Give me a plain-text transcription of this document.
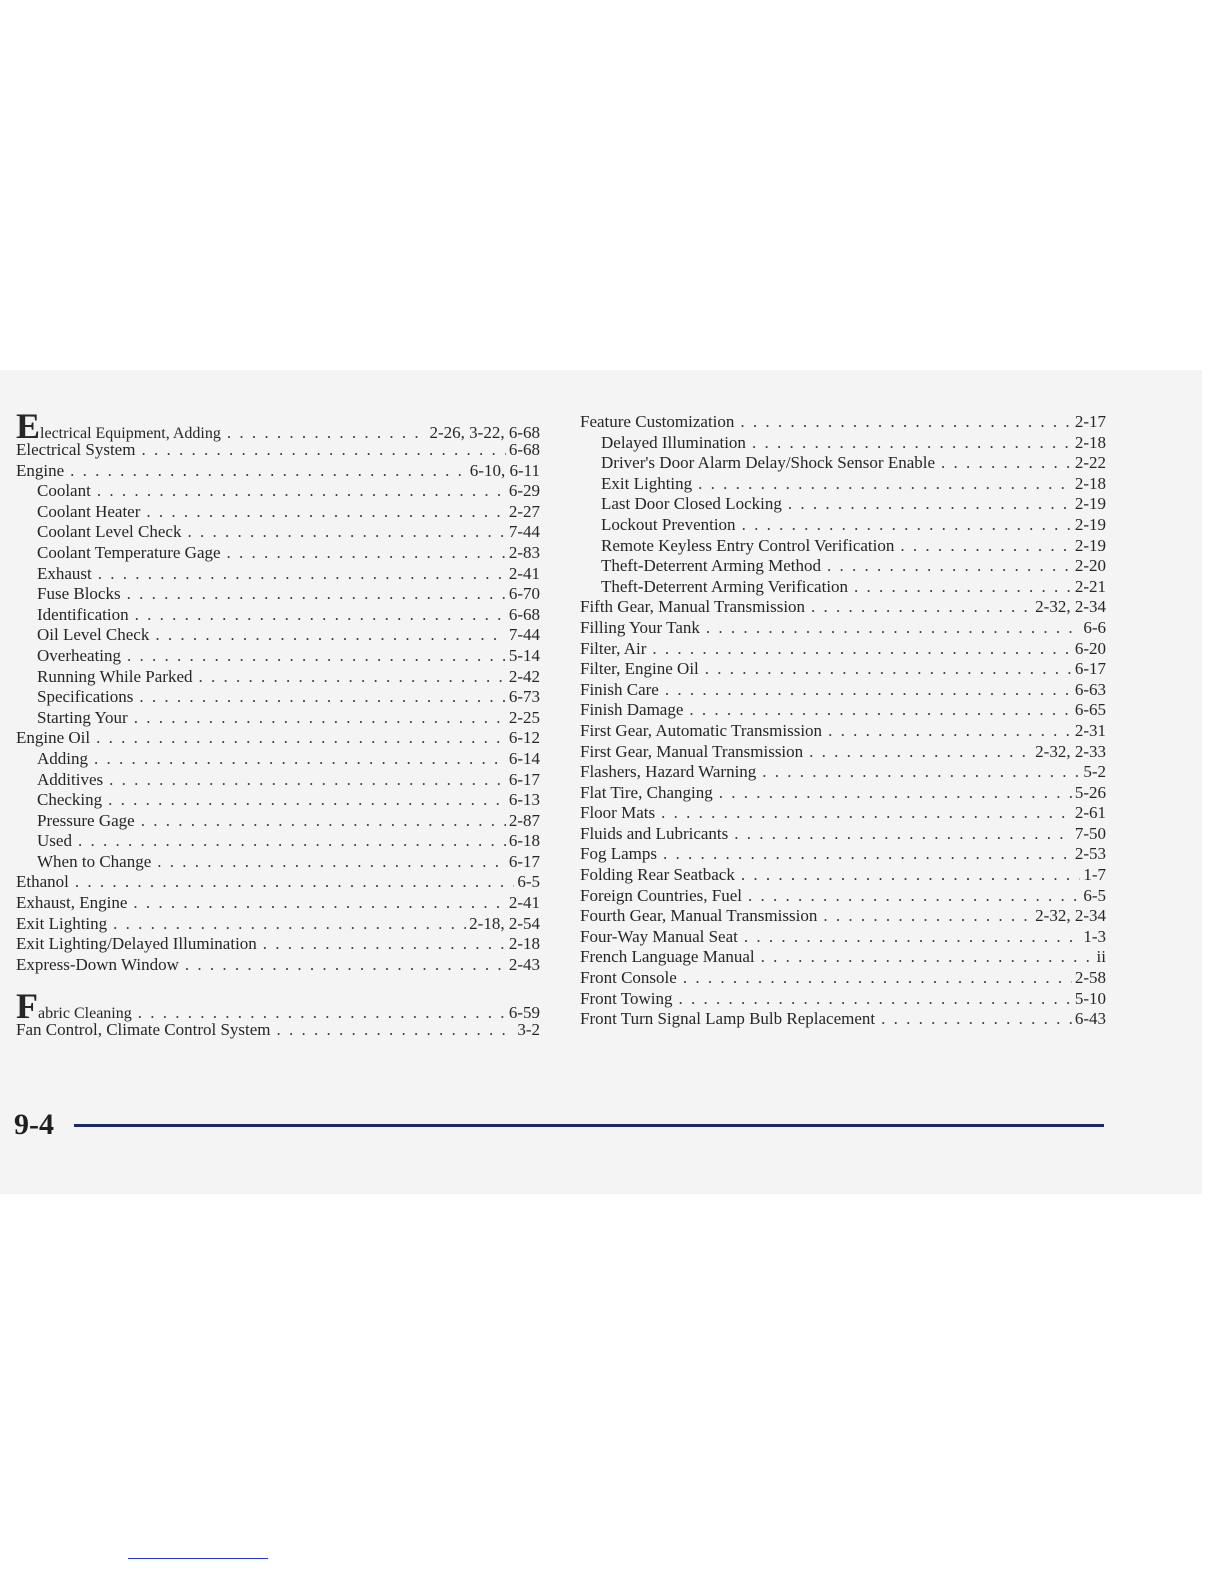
E lectrical Equipment, Adding . . .	2-26, 3-22, 6-68
Electrical System . . .	6-68
Engine . . .	6-10, 6-11
Coolant . . .	6-29
Coolant Heater . . .	2-27
Coolant Level Check . . .	7-44
Coolant Temperature Gage . . .	2-83
Exhaust . . .	2-41
Fuse Blocks . . .	6-70
Identification . . .	6-68
Oil Level Check . . .	7-44
Overheating . . .	5-14
Running While Parked . . .	2-42
Specifications . . .	6-73
Starting Your . . .	2-25
Engine Oil . . .	6-12
Adding . . .	6-14
Additives . . .	6-17
Checking . . .	6-13
Pressure Gage . . .	2-87
Used . . .	6-18
When to Change . . .	6-17
Ethanol . . .	6-5
Exhaust, Engine . . .	2-41
Exit Lighting . . .	2-18, 2-54
Exit Lighting/Delayed Illumination . . .	2-18
Express-Down Window . . .	2-43
F abric Cleaning . . .	6-59
Fan Control, Climate Control System . . .	3-2
Feature Customization . . .	2-17
Delayed Illumination . . .	2-18
Driver's Door Alarm Delay/Shock Sensor Enable . . .	2-22
Exit Lighting . . .	2-18
Last Door Closed Locking . . .	2-19
Lockout Prevention . . .	2-19
Remote Keyless Entry Control Verification . . .	2-19
Theft-Deterrent Arming Method . . .	2-20
Theft-Deterrent Arming Verification . . .	2-21
Fifth Gear, Manual Transmission . . .	2-32, 2-34
Filling Your Tank . . .	6-6
Filter, Air . . .	6-20
Filter, Engine Oil . . .	6-17
Finish Care . . .	6-63
Finish Damage . . .	6-65
First Gear, Automatic Transmission . . .	2-31
First Gear, Manual Transmission . . .	2-32, 2-33
Flashers, Hazard Warning . . .	5-2
Flat Tire, Changing . . .	5-26
Floor Mats . . .	2-61
Fluids and Lubricants . . .	7-50
Fog Lamps . . .	2-53
Folding Rear Seatback . . .	1-7
Foreign Countries, Fuel . . .	6-5
Fourth Gear, Manual Transmission . . .	2-32, 2-34
Four-Way Manual Seat . . .	1-3
French Language Manual . . .	ii
Front Console . . .	2-58
Front Towing . . .	5-10
Front Turn Signal Lamp Bulb Replacement . . .	6-43
9-4
